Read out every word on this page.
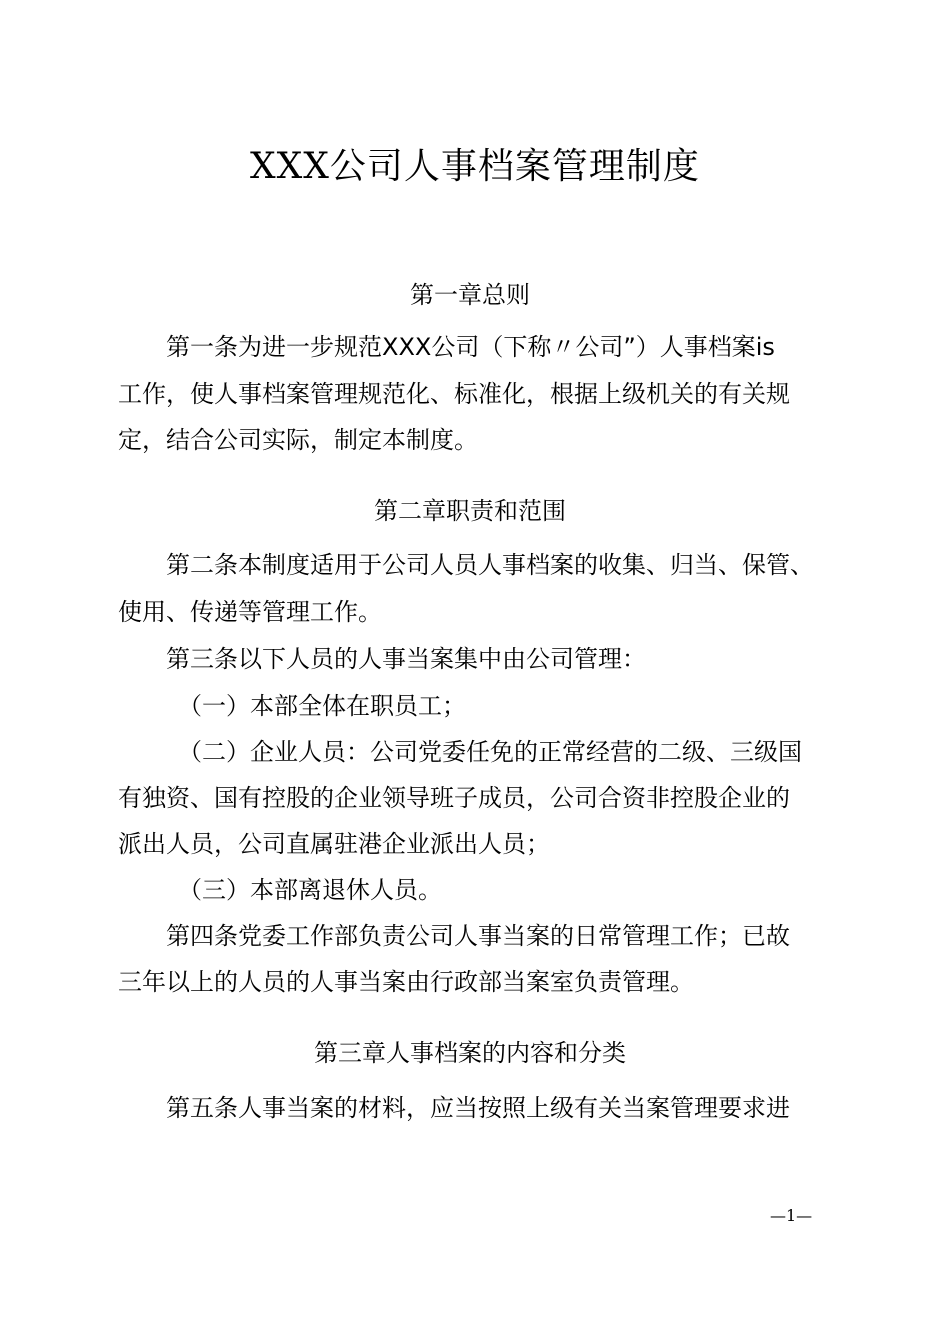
XXX公司人事档案管理制度
第一章总则
第一条为进一步规范XXX公司（下称〃公司”）人事档案is
工作，使人事档案管理规范化、标准化，根据上级机关的有关规
定，结合公司实际，制定本制度。
第二章职责和范围
第二条本制度适用于公司人员人事档案的收集、归当、保管、
使用、传递等管理工作。
第三条以下人员的人事当案集中由公司管理：
（一）本部全体在职员工；
（二）企业人员：公司党委任免的正常经营的二级、三级国
有独资、国有控股的企业领导班子成员，公司合资非控股企业的
派出人员，公司直属驻港企业派出人员；
（三）本部离退休人员。
第四条党委工作部负责公司人事当案的日常管理工作；已故
三年以上的人员的人事当案由行政部当案室负责管理。
第三章人事档案的内容和分类
第五条人事当案的材料，应当按照上级有关当案管理要求进
—1—
